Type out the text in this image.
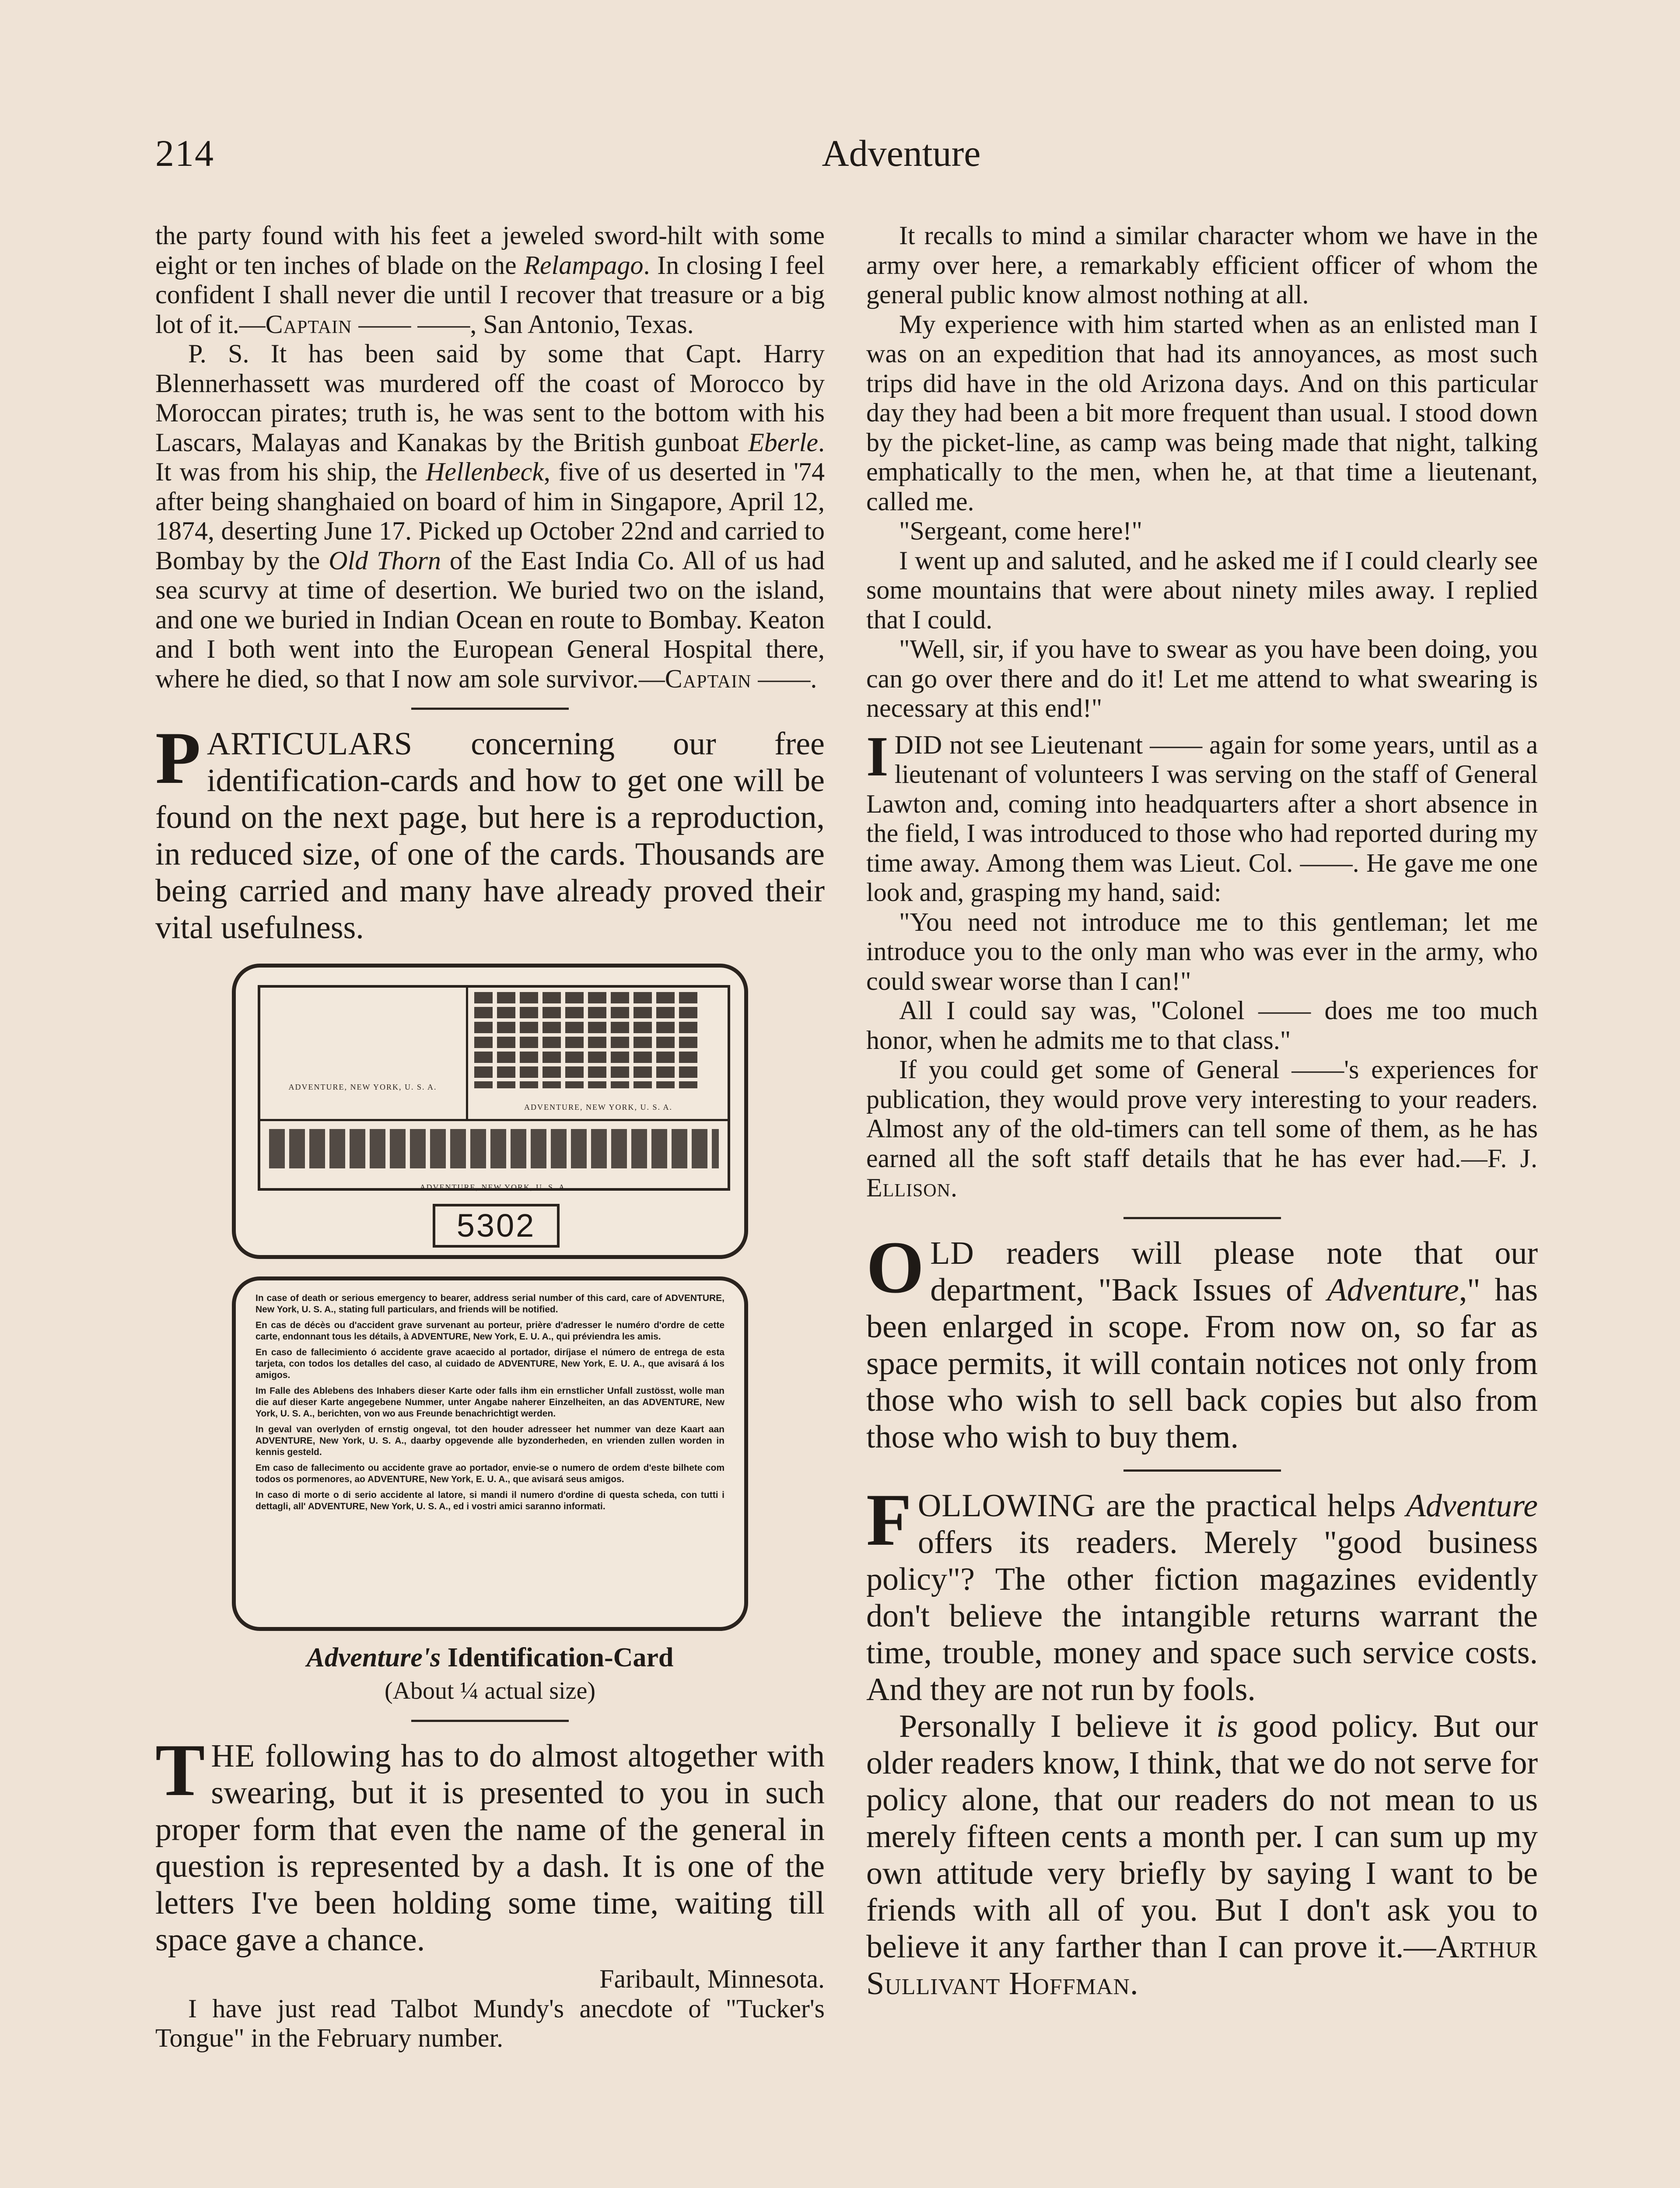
214	Adventure

the party found with his feet a jeweled sword-hilt with some eight or ten inches of blade on the Relampago. In closing I feel confident I shall never die until I recover that treasure or a big lot of it.—Captain —— ——, San Antonio, Texas.

P. S. It has been said by some that Capt. Harry Blennerhassett was murdered off the coast of Morocco by Moroccan pirates; truth is, he was sent to the bottom with his Lascars, Malayas and Kanakas by the British gunboat Eberle. It was from his ship, the Hellenbeck, five of us deserted in '74 after being shanghaied on board of him in Singapore, April 12, 1874, deserting June 17. Picked up October 22nd and carried to Bombay by the Old Thorn of the East India Co. All of us had sea scurvy at time of desertion. We buried two on the island, and one we buried in Indian Ocean en route to Bombay. Keaton and I both went into the European General Hospital there, where he died, so that I now am sole survivor.—Captain ——.

PARTICULARS concerning our free identification-cards and how to get one will be found on the next page, but here is a reproduction, in reduced size, of one of the cards. Thousands are being carried and many have already proved their vital usefulness.

ADVENTURE, NEW YORK, U. S. A.
ADVENTURE, NEW YORK, U. S. A.
ADVENTURE, NEW YORK, U. S. A.
5302

In case of death or serious emergency to bearer, address serial number of this card, care of ADVENTURE, New York, U. S. A., stating full particulars, and friends will be notified.

En cas de décès ou d'accident grave survenant au porteur, prière d'adresser le numéro d'ordre de cette carte, endonnant tous les détails, à ADVENTURE, New York, E. U. A., qui préviendra les amis.

En caso de fallecimiento ó accidente grave acaecido al portador, diríjase el número de entrega de esta tarjeta, con todos los detalles del caso, al cuidado de ADVENTURE, New York, E. U. A., que avisará á los amigos.

Im Falle des Ablebens des Inhabers dieser Karte oder falls ihm ein ernstlicher Unfall zustösst, wolle man die auf dieser Karte angegebene Nummer, unter Angabe naherer Einzelheiten, an das ADVENTURE, New York, U. S. A., berichten, von wo aus Freunde benachrichtigt werden.

In geval van overlyden of ernstig ongeval, tot den houder adresseer het nummer van deze Kaart aan ADVENTURE, New York, U. S. A., daarby opgevende alle byzonderheden, en vrienden zullen worden in kennis gesteld.

Em caso de fallecimento ou accidente grave ao portador, envie-se o numero de ordem d'este bilhete com todos os pormenores, ao ADVENTURE, New York, E. U. A., que avisará seus amigos.

In caso di morte o di serio accidente al latore, si mandi il numero d'ordine di questa scheda, con tutti i dettagli, all' ADVENTURE, New York, U. S. A., ed i vostri amici saranno informati.

Adventure's Identification-Card
(About ¼ actual size)

THE following has to do almost altogether with swearing, but it is presented to you in such proper form that even the name of the general in question is represented by a dash. It is one of the letters I've been holding some time, waiting till space gave a chance.

Faribault, Minnesota.

I have just read Talbot Mundy's anecdote of "Tucker's Tongue" in the February number.

It recalls to mind a similar character whom we have in the army over here, a remarkably efficient officer of whom the general public know almost nothing at all.

My experience with him started when as an enlisted man I was on an expedition that had its annoyances, as most such trips did have in the old Arizona days. And on this particular day they had been a bit more frequent than usual. I stood down by the picket-line, as camp was being made that night, talking emphatically to the men, when he, at that time a lieutenant, called me.

"Sergeant, come here!"

I went up and saluted, and he asked me if I could clearly see some mountains that were about ninety miles away. I replied that I could.

"Well, sir, if you have to swear as you have been doing, you can go over there and do it! Let me attend to what swearing is necessary at this end!"

I DID not see Lieutenant —— again for some years, until as a lieutenant of volunteers I was serving on the staff of General Lawton and, coming into headquarters after a short absence in the field, I was introduced to those who had reported during my time away. Among them was Lieut. Col. ——. He gave me one look and, grasping my hand, said:

"You need not introduce me to this gentleman; let me introduce you to the only man who was ever in the army, who could swear worse than I can!"

All I could say was, "Colonel —— does me too much honor, when he admits me to that class."

If you could get some of General ——'s experiences for publication, they would prove very interesting to your readers. Almost any of the old-timers can tell some of them, as he has earned all the soft staff details that he has ever had.—F. J. Ellison.

OLD readers will please note that our department, "Back Issues of Adventure," has been enlarged in scope. From now on, so far as space permits, it will contain notices not only from those who wish to sell back copies but also from those who wish to buy them.

FOLLOWING are the practical helps Adventure offers its readers. Merely "good business policy"? The other fiction magazines evidently don't believe the intangible returns warrant the time, trouble, money and space such service costs. And they are not run by fools.

Personally I believe it is good policy. But our older readers know, I think, that we do not serve for policy alone, that our readers do not mean to us merely fifteen cents a month per. I can sum up my own attitude very briefly by saying I want to be friends with all of you. But I don't ask you to believe it any farther than I can prove it.—Arthur Sullivant Hoffman.
